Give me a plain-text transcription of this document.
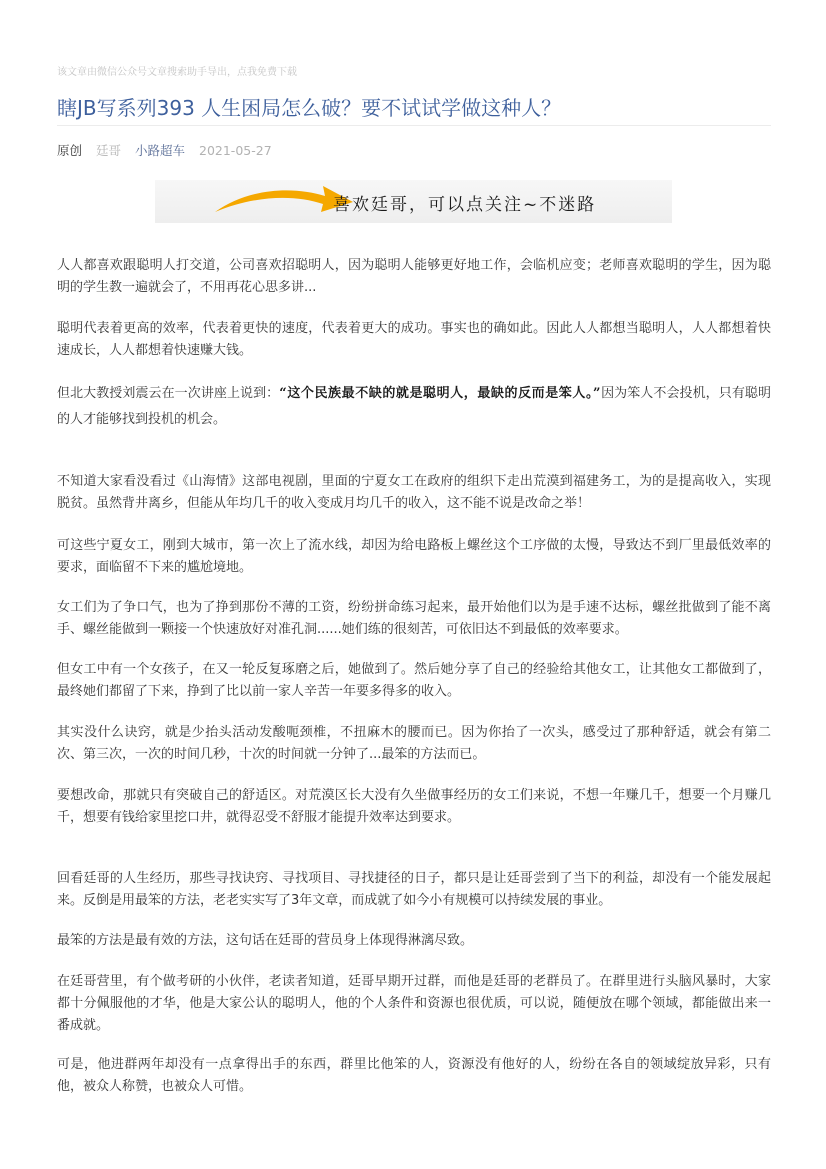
该文章由微信公众号文章搜索助手导出，点我免费下载
瞎JB写系列393 人生困局怎么破？要不试试学做这种人？
原创 廷哥 小路超车 2021-05-27
喜欢廷哥，可以点关注~不迷路

人人都喜欢跟聪明人打交道，公司喜欢招聪明人，因为聪明人能够更好地工作，会临机应变；老师喜欢聪明的学生，因为聪明的学生教一遍就会了，不用再花心思多讲...

聪明代表着更高的效率，代表着更快的速度，代表着更大的成功。事实也的确如此。因此人人都想当聪明人，人人都想着快速成长，人人都想着快速赚大钱。

但北大教授刘震云在一次讲座上说到：“这个民族最不缺的就是聪明人，最缺的反而是笨人。”因为笨人不会投机，只有聪明的人才能够找到投机的机会。

不知道大家看没看过《山海情》这部电视剧，里面的宁夏女工在政府的组织下走出荒漠到福建务工，为的是提高收入，实现脱贫。虽然背井离乡，但能从年均几千的收入变成月均几千的收入，这不能不说是改命之举！

可这些宁夏女工，刚到大城市，第一次上了流水线，却因为给电路板上螺丝这个工序做的太慢，导致达不到厂里最低效率的要求，面临留不下来的尴尬境地。

女工们为了争口气，也为了挣到那份不薄的工资，纷纷拼命练习起来，最开始他们以为是手速不达标，螺丝批做到了能不离手、螺丝能做到一颗接一个快速放好对准孔洞......她们练的很刻苦，可依旧达不到最低的效率要求。

但女工中有一个女孩子，在又一轮反复琢磨之后，她做到了。然后她分享了自己的经验给其他女工，让其他女工都做到了，最终她们都留了下来，挣到了比以前一家人辛苦一年要多得多的收入。

其实没什么诀窍，就是少抬头活动发酸呃颈椎，不扭麻木的腰而已。因为你抬了一次头，感受过了那种舒适，就会有第二次、第三次，一次的时间几秒，十次的时间就一分钟了...最笨的方法而已。

要想改命，那就只有突破自己的舒适区。对荒漠区长大没有久坐做事经历的女工们来说，不想一年赚几千，想要一个月赚几千，想要有钱给家里挖口井，就得忍受不舒服才能提升效率达到要求。

回看廷哥的人生经历，那些寻找诀窍、寻找项目、寻找捷径的日子，都只是让廷哥尝到了当下的利益，却没有一个能发展起来。反倒是用最笨的方法，老老实实写了3年文章，而成就了如今小有规模可以持续发展的事业。

最笨的方法是最有效的方法，这句话在廷哥的营员身上体现得淋漓尽致。

在廷哥营里，有个做考研的小伙伴，老读者知道，廷哥早期开过群，而他是廷哥的老群员了。在群里进行头脑风暴时，大家都十分佩服他的才华，他是大家公认的聪明人，他的个人条件和资源也很优质，可以说，随便放在哪个领域，都能做出来一番成就。

可是，他进群两年却没有一点拿得出手的东西，群里比他笨的人，资源没有他好的人，纷纷在各自的领域绽放异彩，只有他，被众人称赞，也被众人可惜。
